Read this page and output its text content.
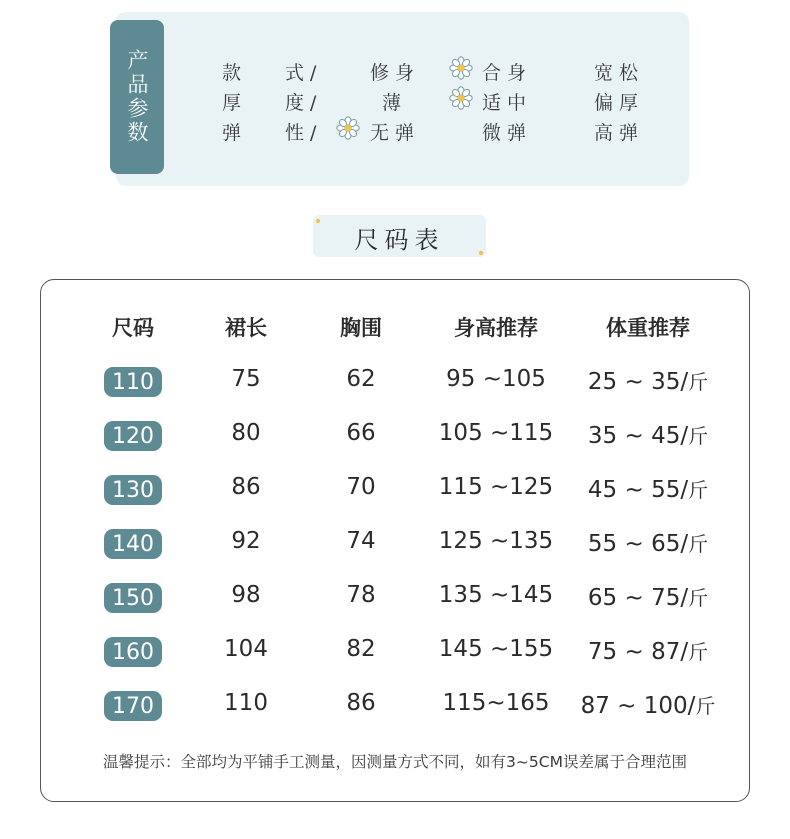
产品参数	款 式/	修身	合身	宽松
厚 度/	薄	适中	偏厚
弹 性/	无弹	微弹	高弹
尺码表
尺码	裙长	胸围	身高推荐	体重推荐
110	75	62	95 ~105	25 ~ 35/斤
120	80	66	105 ~115	35 ~ 45/斤
130	86	70	115 ~125	45 ~ 55/斤
140	92	74	125 ~135	55 ~ 65/斤
150	98	78	135 ~145	65 ~ 75/斤
160	104	82	145 ~155	75 ~ 87/斤
170	110	86	115~165	87 ~ 100/斤
温馨提示：全部均为平铺手工测量，因测量方式不同，如有3~5CM误差属于合理范围
